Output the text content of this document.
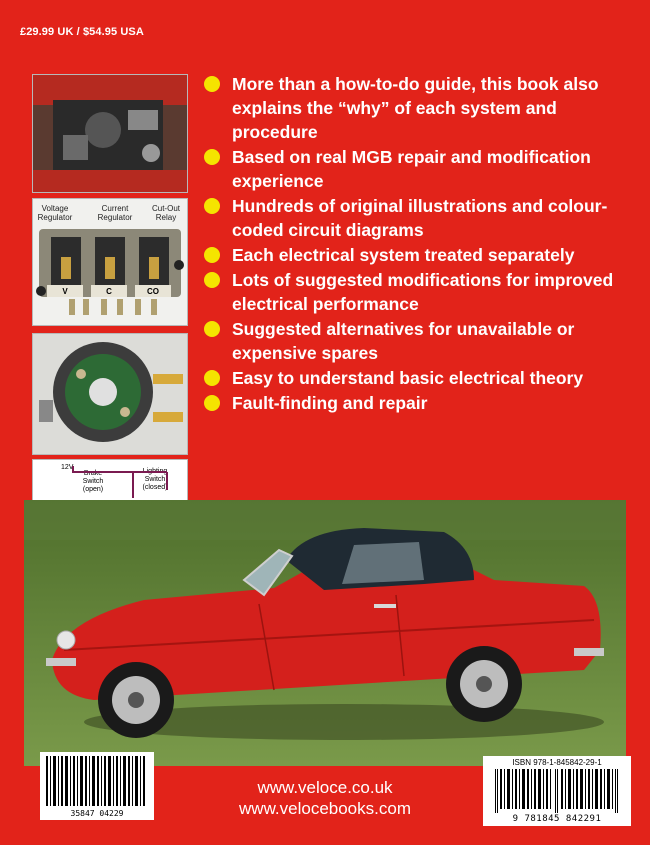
£29.99 UK / $54.95 USA
Voltage Regulator
Current Regulator
Cut-Out Relay
V	C	CO
12V
Brake Switch (open)
Lighting Switch (closed)
More than a how-to-do guide, this book also explains the “why” of each system and procedure
Based on real MGB repair and modification experience
Hundreds of original illustrations and colour-coded circuit diagrams
Each electrical system treated separately
Lots of suggested modifications for improved electrical performance
Suggested alternatives for unavailable or expensive spares
Easy to understand basic electrical theory
Fault-finding and repair
35847 04229
ISBN 978-1-845842-29-1
9 781845 842291
www.veloce.co.uk
www.velocebooks.com
